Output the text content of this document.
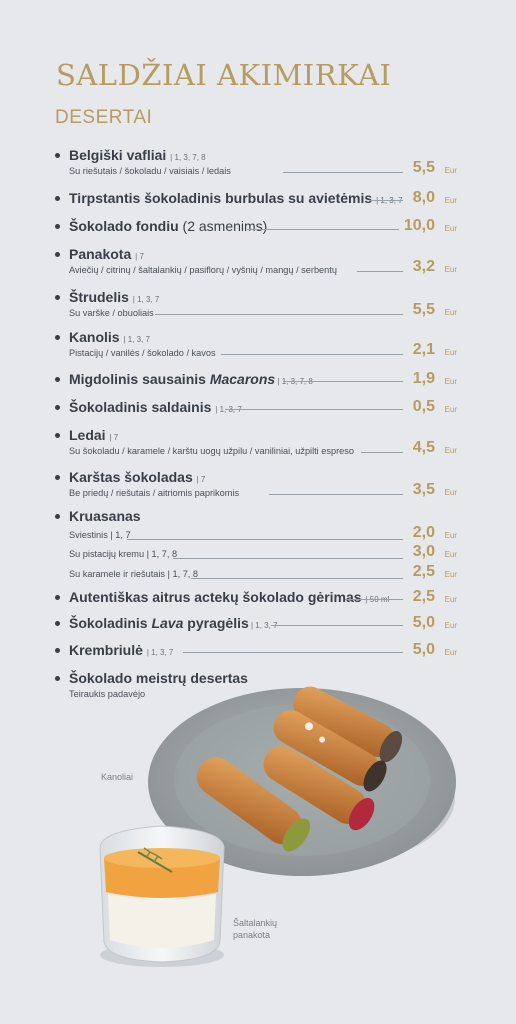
SALDŽIAI AKIMIRKAI
DESERTAI
Belgiški vafliai | 1, 3, 7, 8
Su riešutais / šokoladu / vaisiais / ledais	5,5 Eur
Tirpstantis šokoladinis burbulas su avietėmis | 1, 3, 7 8,0 Eur
Šokolado fondiu (2 asmenims)	10,0 Eur
Panakota | 7
Aviečių / citrinų / šaltalankių / pasiflorų / vyšnių / mangų / serbentų	3,2 Eur
Štrudelis | 1, 3, 7
Su varške / obuoliais	5,5 Eur
Kanolis | 1, 3, 7
Pistacijų / vanilės / šokolado / kavos	2,1 Eur
Migdolinis sausainis Macarons | 1, 3, 7, 8	1,9 Eur
Šokoladinis saldainis | 1, 3, 7	0,5 Eur
Ledai | 7
Su šokoladu / karamele / karštu uogų užpilu / vaniliniai, užpilti espreso	4,5 Eur
Karštas šokoladas | 7
Be priedų / riešutais / aitriomis paprikomis	3,5 Eur
Kruasanas
Sviestinis | 1, 7	2,0 Eur
Su pistacijų kremu | 1, 7, 8	3,0 Eur
Su karamele ir riešutais | 1, 7, 8	2,5 Eur
Autentiškas aitrus actekų šokolado gėrimas | 50 ml 2,5 Eur
Šokoladinis Lava pyragėlis | 1, 3, 7	5,0 Eur
Krembriulė | 1, 3, 7	5,0 Eur
Šokolado meistrų desertas
Teiraukis padavėjo
Kanoliai
Šaltalankių
panakota
